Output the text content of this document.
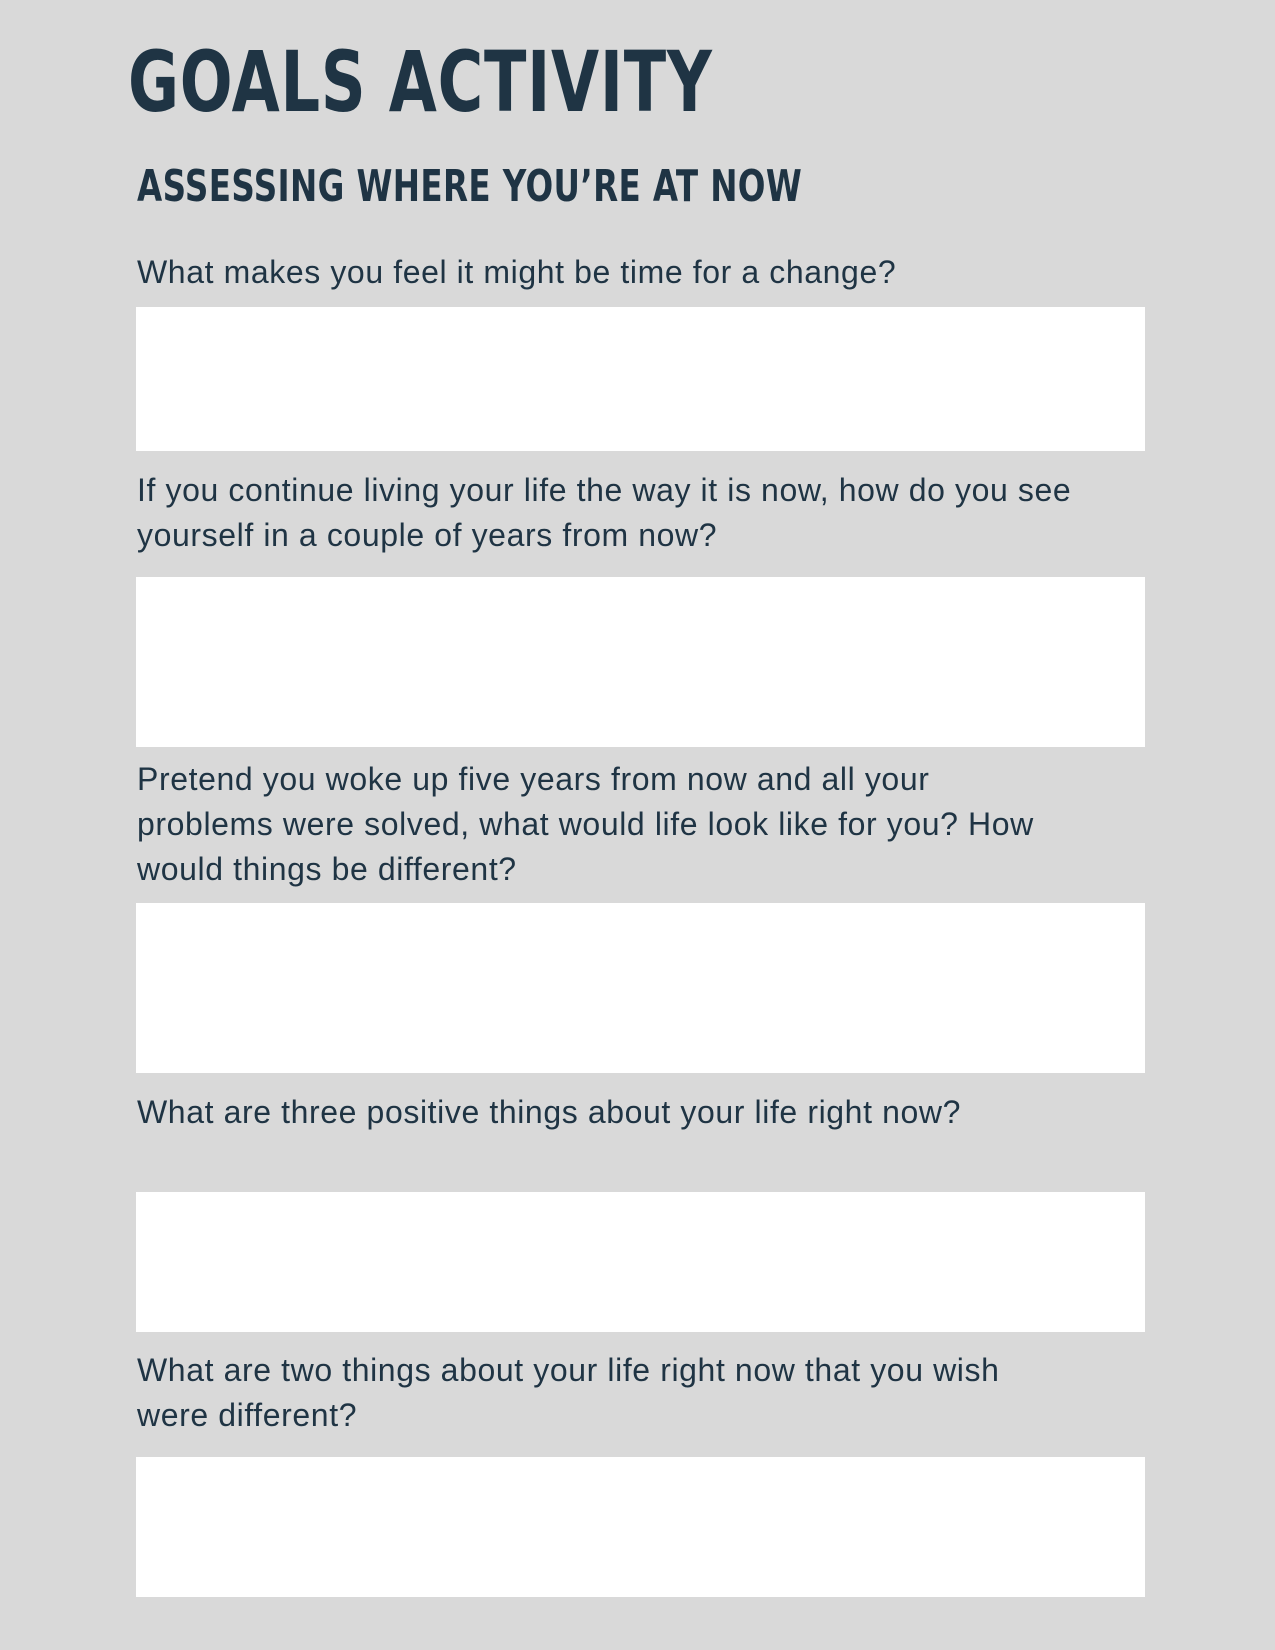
GOALS ACTIVITY
ASSESSING WHERE YOU’RE AT NOW

What makes you feel it might be time for a change?

If you continue living your life the way it is now, how do you see yourself in a couple of years from now?

Pretend you woke up five years from now and all your problems were solved, what would life look like for you? How would things be different?

What are three positive things about your life right now?

What are two things about your life right now that you wish were different?
